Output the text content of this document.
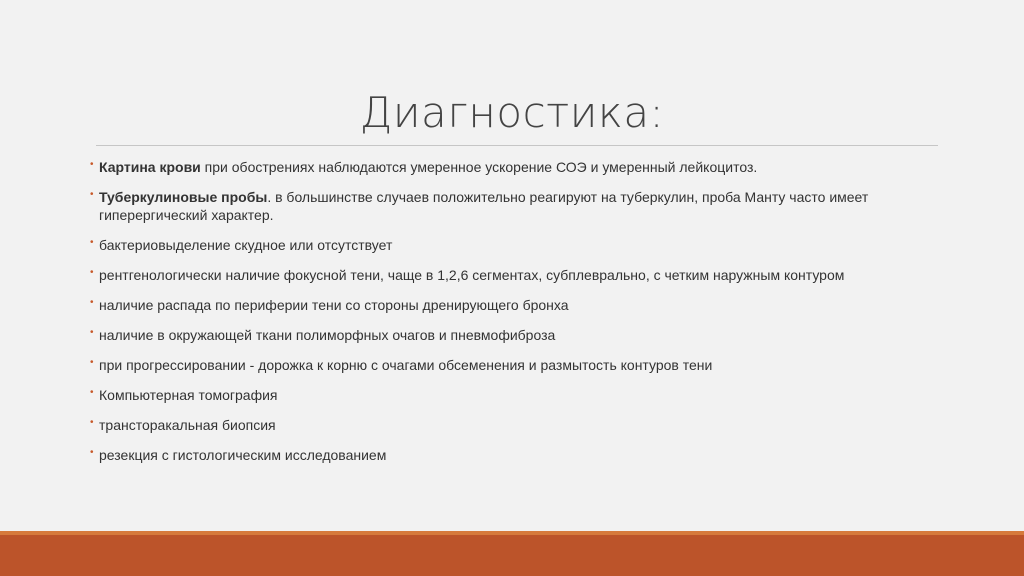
Диагностика:
• Картина крови при обострениях наблюдаются умеренное ускорение СОЭ и умеренный лейкоцитоз.
• Туберкулиновые пробы. в большинстве случаев положительно реагируют на туберкулин, проба Манту часто имеет гиперергический характер.
• бактериовыделение скудное или отсутствует
• рентгенологически наличие фокусной тени, чаще в 1,2,6 сегментах, субплеврально, с четким наружным контуром
• наличие распада по периферии тени со стороны дренирующего бронха
• наличие в окружающей ткани полиморфных очагов и пневмофиброза
• при прогрессировании - дорожка к корню с очагами обсеменения и размытость контуров тени
• Компьютерная томография
• трансторакальная биопсия
• резекция с гистологическим исследованием
